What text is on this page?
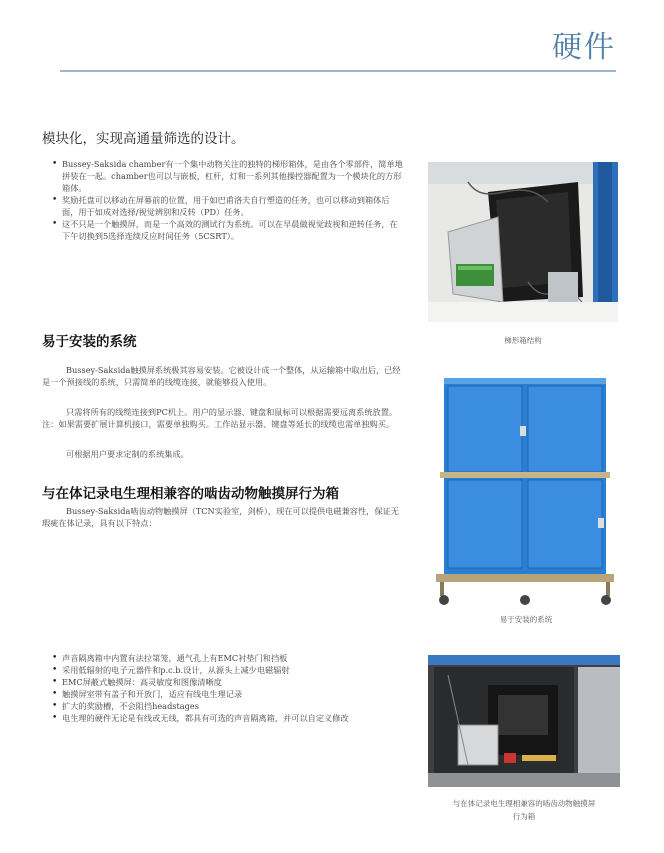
硬件
模块化，实现高通量筛选的设计。
• Bussey-Saksida chamber有一个集中动物关注的独特的梯形箱体，是由各个零部件，简单地拼装在一起。chamber也可以与嵌板，杠杆，灯和一系列其他操控器配置为一个模块化的方形箱体。
• 奖励托盘可以移动在屏幕前的位置，用于如巴甫洛夫自行塑造的任务，也可以移动到箱体后面，用于如成对选择/视觉辨别和反转（PD）任务。
• 这不只是一个触摸屏，而是一个高效的测试行为系统。可以在早晨做视觉歧视和逆转任务，在下午切换到5选择连续反应时间任务（5CSRT）。
梯形箱结构
易于安装的系统

Bussey-Saksida触摸屏系统极其容易安装。它被设计成一个整体，从运输箱中取出后，已经是一个预接线的系统，只需简单的线缆连接，就能够投入使用。

只需将所有的线缆连接到PC机上。用户的显示器、键盘和鼠标可以根据需要远离系统放置。注：如果需要扩展计算机接口，需要单独购买。工作站显示器、键盘等延长的线缆也需单独购买。

可根据用户要求定制的系统集成。

易于安装的系统
与在体记录电生理相兼容的啮齿动物触摸屏行为箱

Bussey-Saksida啮齿动物触摸屏（TCN实验室，剑桥），现在可以提供电磁兼容性，保证无瑕疵在体记录，具有以下特点：

• 声音隔离箱中内置有法拉第笼，通气孔上有EMC衬垫门和挡板
• 采用低辐射的电子元器件和p.c.b.设计，从源头上减少电磁辐射
• EMC屏蔽式触摸屏：高灵敏度和图像清晰度
• 触摸屏室带有盖子和开放门，适应有线电生理记录
• 扩大的奖励槽，不会阻挡headstages
• 电生理的硬件无论是有线或无线，都具有可选的声音隔离箱，并可以自定义修改
与在体记录电生理相兼容的啮齿动物触摸屏
行为箱
